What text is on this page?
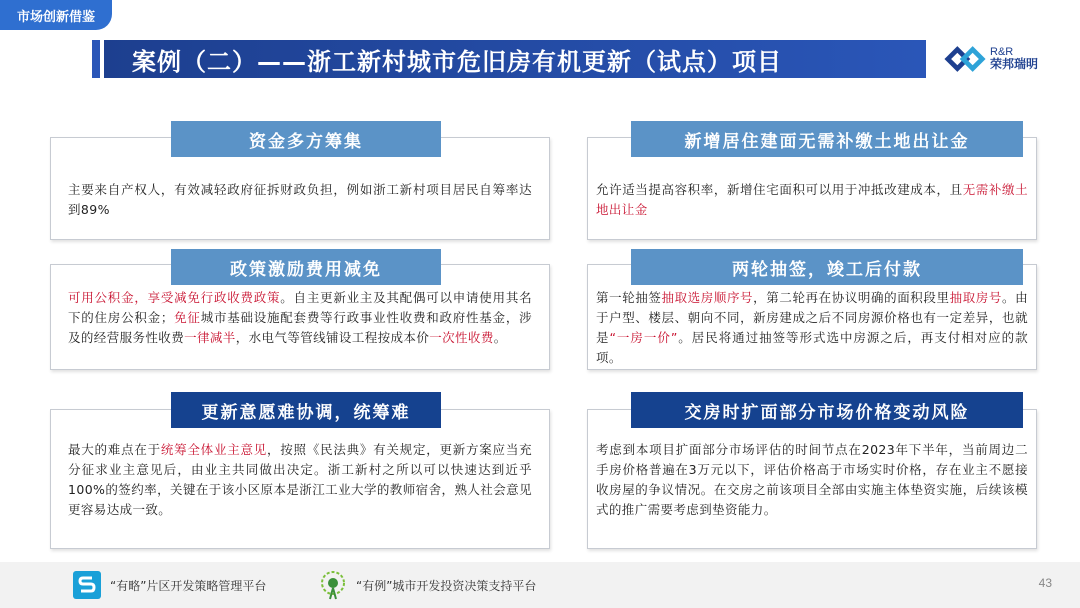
市场创新借鉴
案例（二）——浙工新村城市危旧房有机更新（试点）项目	R&R
荣邦瑞明
资金多方筹集
主要来自产权人，有效减轻政府征拆财政负担，例如浙工新村项目居民自筹率达到89%
新增居住建面无需补缴土地出让金
允许适当提高容积率，新增住宅面积可以用于冲抵改建成本，且无需补缴土地出让金
政策激励费用减免
可用公积金，享受减免行政收费政策。自主更新业主及其配偶可以申请使用其名下的住房公积金；免征城市基础设施配套费等行政事业性收费和政府性基金，涉及的经营服务性收费一律减半，水电气等管线铺设工程按成本价一次性收费。
两轮抽签，竣工后付款
第一轮抽签抽取选房顺序号，第二轮再在协议明确的面积段里抽取房号。由于户型、楼层、朝向不同，新房建成之后不同房源价格也有一定差异，也就是“一房一价”。居民将通过抽签等形式选中房源之后，再支付相对应的款项。
更新意愿难协调，统筹难
最大的难点在于统筹全体业主意见，按照《民法典》有关规定，更新方案应当充分征求业主意见后，由业主共同做出决定。浙工新村之所以可以快速达到近乎100%的签约率，关键在于该小区原本是浙江工业大学的教师宿舍，熟人社会意见更容易达成一致。
交房时扩面部分市场价格变动风险
考虑到本项目扩面部分市场评估的时间节点在2023年下半年，当前周边二手房价格普遍在3万元以下，评估价格高于市场实时价格，存在业主不愿接收房屋的争议情况。在交房之前该项目全部由实施主体垫资实施，后续该模式的推广需要考虑到垫资能力。
“有略”片区开发策略管理平台	“有例”城市开发投资决策支持平台	43
